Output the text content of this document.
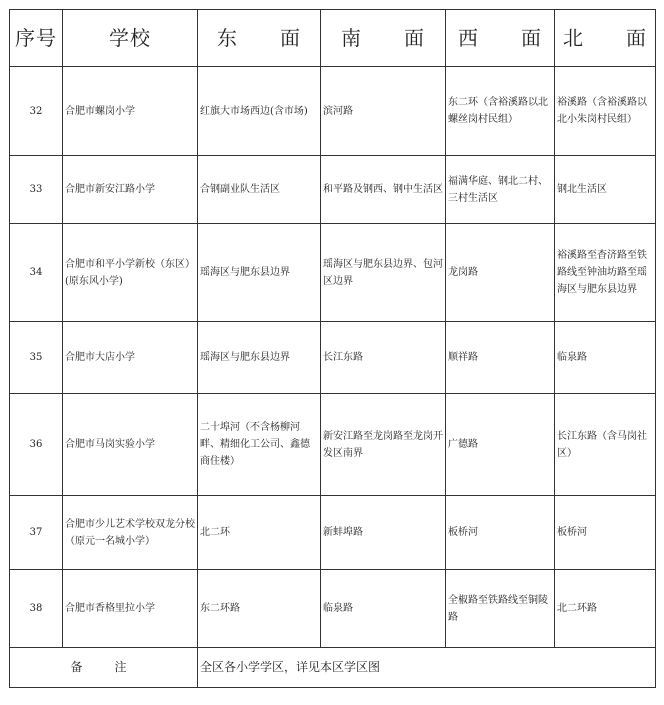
序号	学校	东　　面	南　　面	西　　面	北　　面
32	合肥市螺岗小学	红旗大市场西边(含市场)	滨河路	东二环（含裕溪路以北螺丝岗村民组）	裕溪路（含裕溪路以北小朱岗村民组）
33	合肥市新安江路小学	合钢副业队生活区	和平路及钢西、钢中生活区	福满华庭、钢北二村、三村生活区	钢北生活区
34	合肥市和平小学新校（东区）(原东风小学)	瑶海区与肥东县边界	瑶海区与肥东县边界、包河区边界	龙岗路	裕溪路至杳济路至铁路线至钟油坊路至瑶海区与肥东县边界
35	合肥市大店小学	瑶海区与肥东县边界	长江东路	顺祥路	临泉路
36	合肥市马岗实验小学	二十埠河（不含杨柳河畔、精细化工公司、鑫德商住楼）	新安江路至龙岗路至龙岗开发区南界	广德路	长江东路（含马岗社区）
37	合肥市少儿艺术学校双龙分校（原元一名城小学）	北二环	新蚌埠路	板桥河	板桥河
38	合肥市香格里拉小学	东二环路	临泉路	全椒路至铁路线至铜陵路	北二环路
备　注		全区各小学学区，详见本区学区图			
